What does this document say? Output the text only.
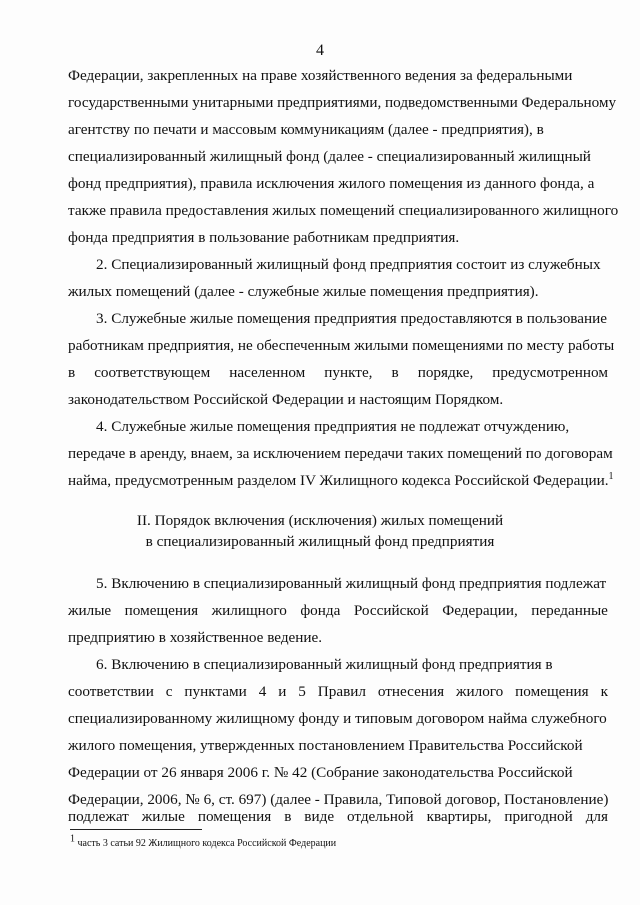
4
Федерации, закрепленных на праве хозяйственного ведения за федеральными
государственными унитарными предприятиями, подведомственными Федеральному
агентству по печати и массовым коммуникациям (далее - предприятия), в
специализированный жилищный фонд (далее - специализированный жилищный
фонд предприятия), правила исключения жилого помещения из данного фонда, а
также правила предоставления жилых помещений специализированного жилищного
фонда предприятия в пользование работникам предприятия.
2. Специализированный жилищный фонд предприятия состоит из служебных
жилых помещений (далее - служебные жилые помещения предприятия).
3. Служебные жилые помещения предприятия предоставляются в пользование
работникам предприятия, не обеспеченным жилыми помещениями по месту работы
в соответствующем населенном пункте, в порядке, предусмотренном
законодательством Российской Федерации и настоящим Порядком.
4. Служебные жилые помещения предприятия не подлежат отчуждению,
передаче в аренду, внаем, за исключением передачи таких помещений по договорам
найма, предусмотренным разделом IV Жилищного кодекса Российской Федерации.$^1$
II. Порядок включения (исключения) жилых помещений
в специализированный жилищный фонд предприятия
5. Включению в специализированный жилищный фонд предприятия подлежат
жилые помещения жилищного фонда Российской Федерации, переданные
предприятию в хозяйственное ведение.
6. Включению в специализированный жилищный фонд предприятия в
соответствии с пунктами 4 и 5 Правил отнесения жилого помещения к
специализированному жилищному фонду и типовым договором найма служебного
жилого помещения, утвержденных постановлением Правительства Российской
Федерации от 26 января 2006 г. № 42 (Собрание законодательства Российской
Федерации, 2006, № 6, ст. 697) (далее - Правила, Типовой договор, Постановление)
подлежат жилые помещения в виде отдельной квартиры, пригодной для
$^1$ часть 3 сатьи 92 Жилищного кодекса Российской Федерации
